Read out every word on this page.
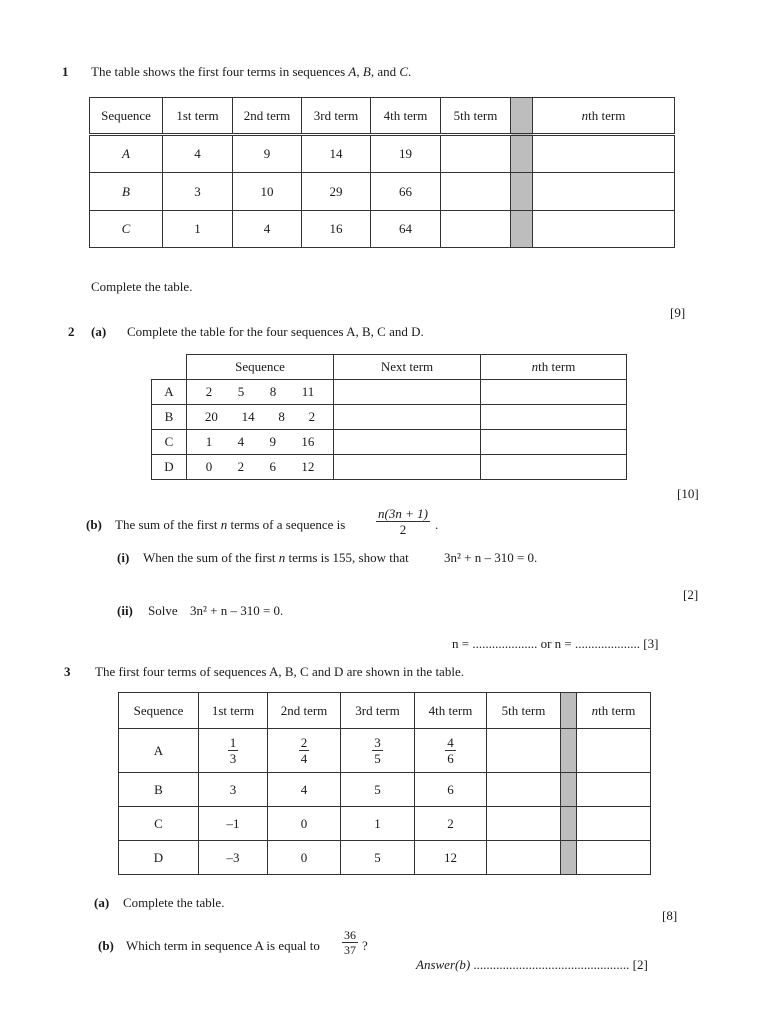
1 The table shows the first four terms in sequences A, B, and C.
Sequence	1st term	2nd term	3rd term	4th term	5th term		nth term
A	4	9	14	19			
B	3	10	29	66			
C	1	4	16	64			
Complete the table.
[9]
2 (a) Complete the table for the four sequences A, B, C and D.
	Sequence	Next term	nth term
A	2 5 8 11		

B	20 14 8 2		

C	1 4 9 16		

D	0 2 6 12		

[10]
(b) The sum of the first n terms of a sequence is $\frac{n(3n + 1)}{2}$ .
(i) When the sum of the first n terms is 155, show that	3n² + n – 310 = 0.
[2]
(ii) Solve 3n² + n – 310 = 0.
n = .................... or n = .................... [3]
3 The first four terms of sequences A, B, C and D are shown in the table.
Sequence	1st term	2nd term	3rd term	4th term	5th term		nth term
A	$\frac{1}{3}$	$\frac{2}{4}$	$\frac{3}{5}$	$\frac{4}{6}$

B	3	4	5	6			
C	–1	0	1	2			
D	–3	0	5	12			
(a) Complete the table.
[8]
(b) Which term in sequence A is equal to $\frac{36}{37}$ ?
Answer(b) ................................................ [2]
